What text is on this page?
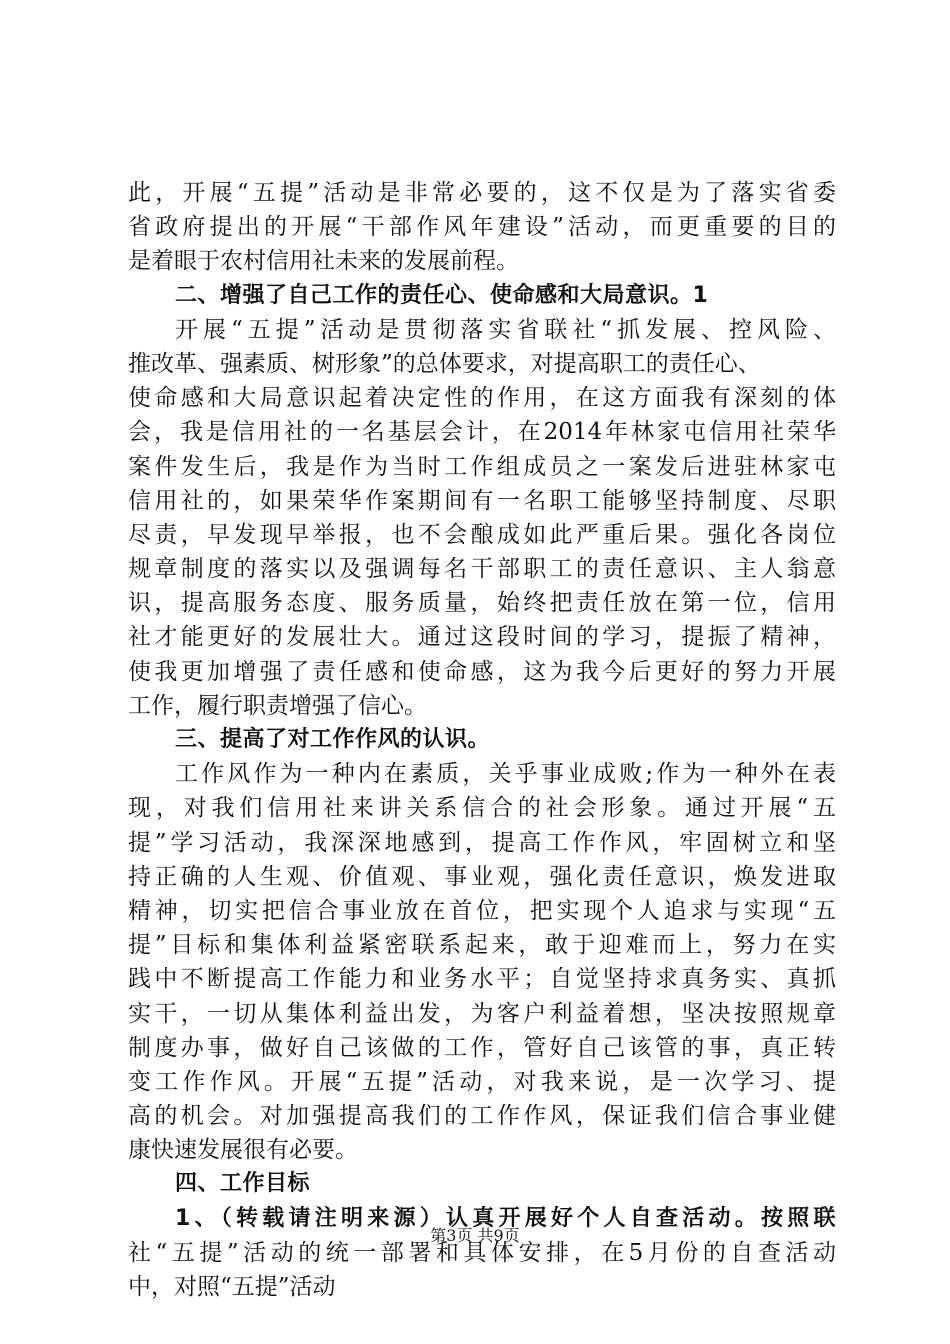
此，开展“五提”活动是非常必要的，这不仅是为了落实省委
省政府提出的开展“干部作风年建设”活动，而更重要的目的
是着眼于农村信用社未来的发展前程。
二、增强了自己工作的责任心、使命感和大局意识。1
开展“五提”活动是贯彻落实省联社“抓发展、控风险、
推改革、强素质、树形象”的总体要求，对提高职工的责任心、
使命感和大局意识起着决定性的作用，在这方面我有深刻的体
会，我是信用社的一名基层会计，在2014年林家屯信用社荣华
案件发生后，我是作为当时工作组成员之一案发后进驻林家屯
信用社的，如果荣华作案期间有一名职工能够坚持制度、尽职
尽责，早发现早举报，也不会酿成如此严重后果。强化各岗位
规章制度的落实以及强调每名干部职工的责任意识、主人翁意
识，提高服务态度、服务质量，始终把责任放在第一位，信用
社才能更好的发展壮大。通过这段时间的学习，提振了精神，
使我更加增强了责任感和使命感，这为我今后更好的努力开展
工作，履行职责增强了信心。
三、提高了对工作作风的认识。
工作风作为一种内在素质，关乎事业成败;作为一种外在表
现，对我们信用社来讲关系信合的社会形象。通过开展“五
提”学习活动，我深深地感到，提高工作作风，牢固树立和坚
持正确的人生观、价值观、事业观，强化责任意识，焕发进取
精神，切实把信合事业放在首位，把实现个人追求与实现“五
提”目标和集体利益紧密联系起来，敢于迎难而上，努力在实
践中不断提高工作能力和业务水平；自觉坚持求真务实、真抓
实干，一切从集体利益出发，为客户利益着想，坚决按照规章
制度办事，做好自己该做的工作，管好自己该管的事，真正转
变工作作风。开展“五提”活动，对我来说，是一次学习、提
高的机会。对加强提高我们的工作作风，保证我们信合事业健
康快速发展很有必要。
四、工作目标
1、（转载请注明来源）认真开展好个人自查活动。按照联
社“五提”活动的统一部署和具体安排，在5月份的自查活动
中，对照“五提”活动
第3页 共9页
